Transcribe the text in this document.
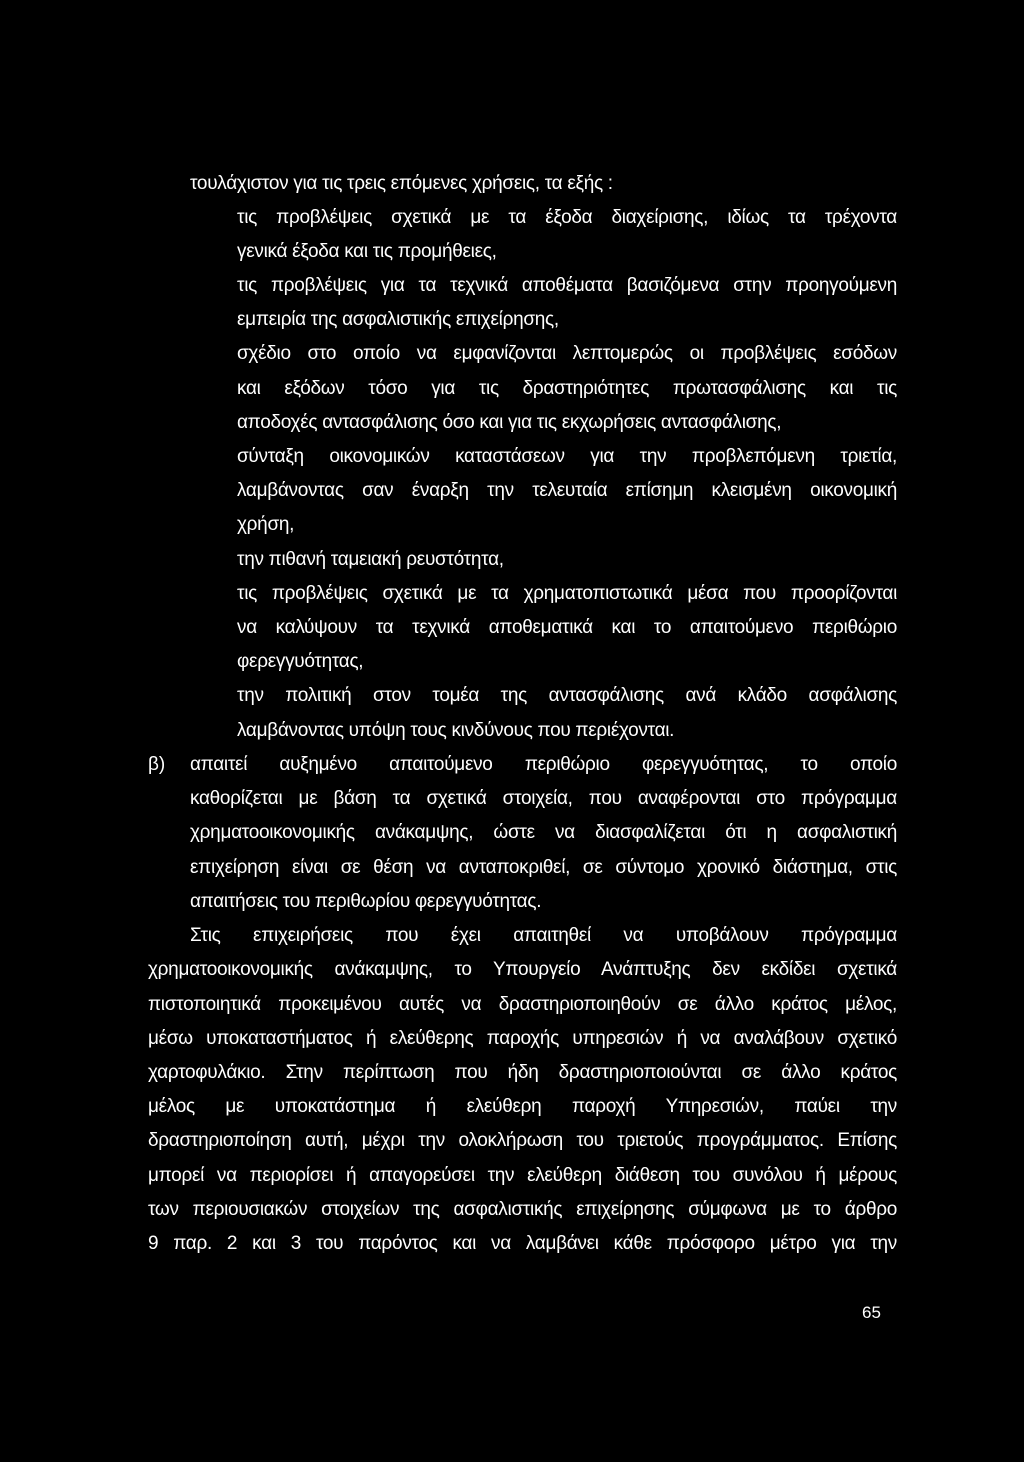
τουλάχιστον για τις τρεις επόμενες χρήσεις, τα εξής :
τις προβλέψεις σχετικά με τα έξοδα διαχείρισης, ιδίως τα τρέχοντα
γενικά έξοδα και τις προμήθειες,
τις προβλέψεις για τα τεχνικά αποθέματα βασιζόμενα στην προηγούμενη
εμπειρία της ασφαλιστικής επιχείρησης,
σχέδιο στο οποίο να εμφανίζονται λεπτομερώς οι προβλέψεις εσόδων
και εξόδων τόσο για τις δραστηριότητες πρωτασφάλισης και τις
αποδοχές αντασφάλισης όσο και για τις εκχωρήσεις αντασφάλισης,
σύνταξη οικονομικών καταστάσεων για την προβλεπόμενη τριετία,
λαμβάνοντας σαν έναρξη την τελευταία επίσημη κλεισμένη οικονομική
χρήση,
την πιθανή ταμειακή ρευστότητα,
τις προβλέψεις σχετικά με τα χρηματοπιστωτικά μέσα που προορίζονται
να καλύψουν τα τεχνικά αποθεματικά και το απαιτούμενο περιθώριο
φερεγγυότητας,
την πολιτική στον τομέα της αντασφάλισης ανά κλάδο ασφάλισης
λαμβάνοντας υπόψη τους κινδύνους που περιέχονται.
β) απαιτεί αυξημένο απαιτούμενο περιθώριο φερεγγυότητας, το οποίο
καθορίζεται με βάση τα σχετικά στοιχεία, που αναφέρονται στο πρόγραμμα
χρηματοοικονομικής ανάκαμψης, ώστε να διασφαλίζεται ότι η ασφαλιστική
επιχείρηση είναι σε θέση να ανταποκριθεί, σε σύντομο χρονικό διάστημα, στις
απαιτήσεις του περιθωρίου φερεγγυότητας.
Στις επιχειρήσεις που έχει απαιτηθεί να υποβάλουν πρόγραμμα
χρηματοοικονομικής ανάκαμψης, το Υπουργείο Ανάπτυξης δεν εκδίδει σχετικά
πιστοποιητικά προκειμένου αυτές να δραστηριοποιηθούν σε άλλο κράτος μέλος,
μέσω υποκαταστήματος ή ελεύθερης παροχής υπηρεσιών ή να αναλάβουν σχετικό
χαρτοφυλάκιο. Στην περίπτωση που ήδη δραστηριοποιούνται σε άλλο κράτος
μέλος με υποκατάστημα ή ελεύθερη παροχή Υπηρεσιών, παύει την
δραστηριοποίηση αυτή, μέχρι την ολοκλήρωση του τριετούς προγράμματος. Επίσης
μπορεί να περιορίσει ή απαγορεύσει την ελεύθερη διάθεση του συνόλου ή μέρους
των περιουσιακών στοιχείων της ασφαλιστικής επιχείρησης σύμφωνα με το άρθρο
9 παρ. 2 και 3 του παρόντος και να λαμβάνει κάθε πρόσφορο μέτρο για την
65
